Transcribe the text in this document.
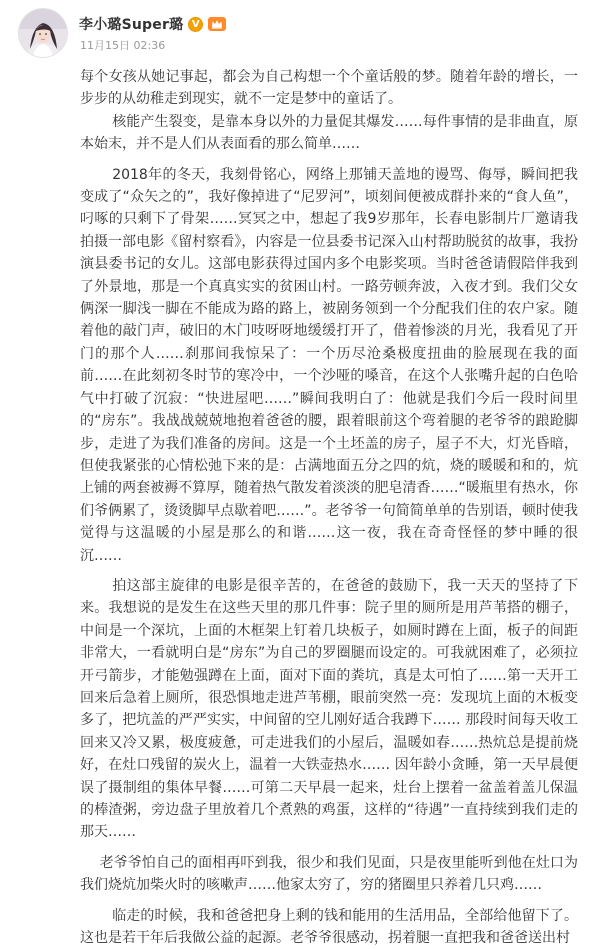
李小璐Super璐 V
11月15日 02:36

每个女孩从她记事起，都会为自己构想一个个童话般的梦。随着年龄的增长，一步步的从幼稚走到现实，就不一定是梦中的童话了。

核能产生裂变，是靠本身以外的力量促其爆发……每件事情的是非曲直，原本始末，并不是人们从表面看的那么简单……

2018年的冬天，我刻骨铭心，网络上那铺天盖地的谩骂、侮辱，瞬间把我变成了“众矢之的”，我好像掉进了“尼罗河”，顷刻间便被成群扑来的“食人鱼”，叼啄的只剩下了骨架……冥冥之中，想起了我9岁那年，长春电影制片厂邀请我拍摄一部电影《留村察看》，内容是一位县委书记深入山村帮助脱贫的故事，我扮演县委书记的女儿。这部电影获得过国内多个电影奖项。当时爸爸请假陪伴我到了外景地，那是一个真真实实的贫困山村。一路劳顿奔波，入夜才到。我们父女俩深一脚浅一脚在不能成为路的路上，被剧务领到一个分配我们住的农户家。随着他的敲门声，破旧的木门吱呀呀地缓缓打开了，借着惨淡的月光，我看见了开门的那个人……刹那间我惊呆了：一个历尽沧桑极度扭曲的脸展现在我的面前……在此刻初冬时节的寒冷中，一个沙哑的嗓音，在这个人张嘴升起的白色哈气中打破了沉寂：“快进屋吧……”瞬间我明白了：他就是我们今后一段时间里的“房东”。我战战兢兢地抱着爸爸的腰，跟着眼前这个弯着腿的老爷爷的踉跄脚步，走进了为我们准备的房间。这是一个土坯盖的房子，屋子不大，灯光昏暗，但使我紧张的心情松弛下来的是：占满地面五分之四的炕，烧的暖暖和和的，炕上铺的两套被褥不算厚，随着热气散发着淡淡的肥皂清香……“暖瓶里有热水，你们爷俩累了，烫烫脚早点歇着吧……”。老爷爷一句简简单单的告别语，顿时使我觉得与这温暖的小屋是那么的和谐……这一夜，我在奇奇怪怪的梦中睡的很沉……

拍这部主旋律的电影是很辛苦的，在爸爸的鼓励下，我一天天的坚持了下来。我想说的是发生在这些天里的那几件事：院子里的厕所是用芦苇搭的棚子，中间是一个深坑，上面的木框架上钉着几块板子，如厕时蹲在上面，板子的间距非常大，一看就明白是“房东”为自己的罗圈腿而设定的。可我就困难了，必须拉开弓箭步，才能勉强蹲在上面，面对下面的粪坑，真是太可怕了……第一天开工回来后急着上厕所，很恐惧地走进芦苇棚，眼前突然一亮：发现坑上面的木板变多了，把坑盖的严严实实，中间留的空儿刚好适合我蹲下…… 那段时间每天收工回来又冷又累，极度疲惫，可走进我们的小屋后，温暖如春……热炕总是提前烧好，在灶口残留的炭火上，温着一大铁壶热水…… 因年龄小贪睡，第一天早晨便误了摄制组的集体早餐……可第二天早晨一起来，灶台上摆着一盆盖着盖儿保温的棒渣粥，旁边盘子里放着几个煮熟的鸡蛋，这样的“待遇”一直持续到我们走的那天……

老爷爷怕自己的面相再吓到我，很少和我们见面，只是夜里能听到他在灶口为我们烧炕加柴火时的咳嗽声……他家太穷了，穷的猪圈里只养着几只鸡……

临走的时候，我和爸爸把身上剩的钱和能用的生活用品，全部给他留下了。这也是若干年后我做公益的起源。老爷爷很感动，拐着腿一直把我和爸爸送出村
